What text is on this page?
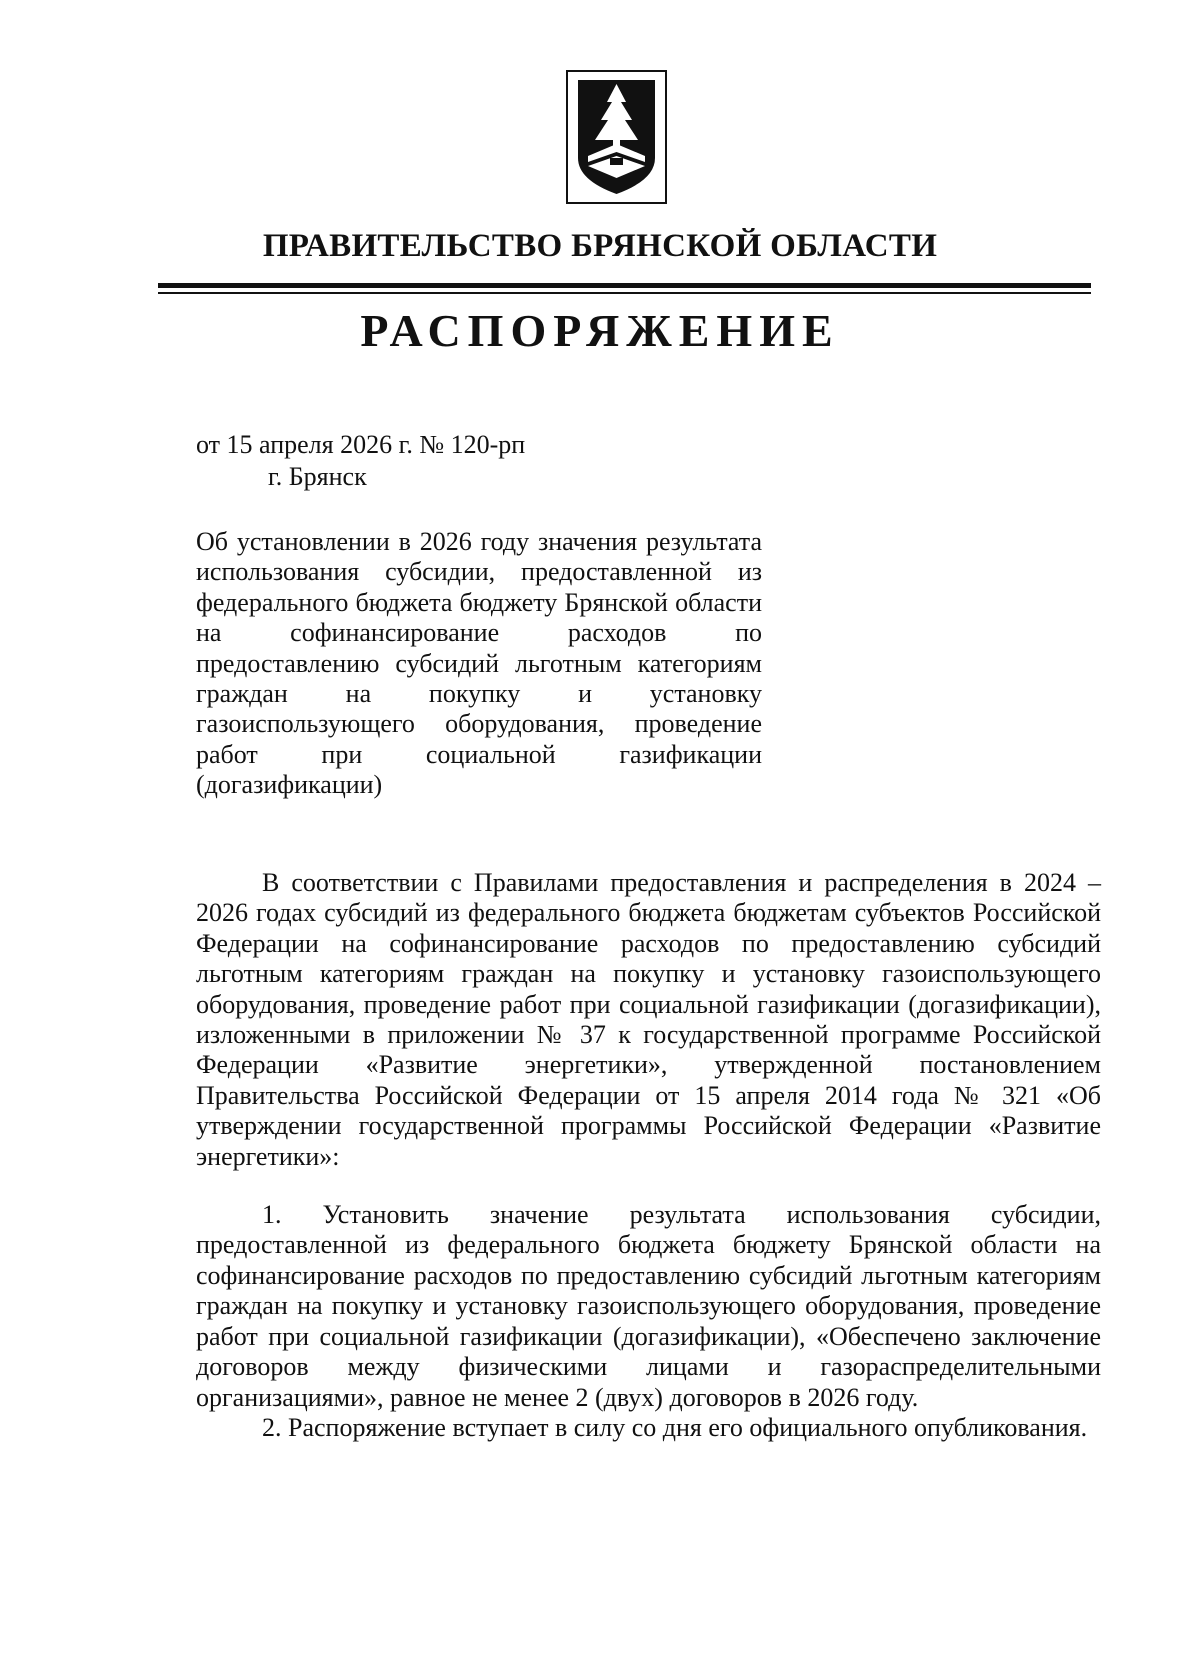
ПРАВИТЕЛЬСТВО БРЯНСКОЙ ОБЛАСТИ
РАСПОРЯЖЕНИЕ
от 15 апреля 2026 г. № 120-рп
г. Брянск
Об установлении в 2026 году значения результата использования субсидии, предоставленной из федерального бюджета бюджету Брянской области на софинансирование расходов по предоставлению субсидий льготным категориям граждан на покупку и установку газоиспользующего оборудования, проведение работ при социальной газификации (догазификации)

В соответствии с Правилами предоставления и распределения в 2024 – 2026 годах субсидий из федерального бюджета бюджетам субъектов Российской Федерации на софинансирование расходов по предоставлению субсидий льготным категориям граждан на покупку и установку газоиспользующего оборудования, проведение работ при социальной газификации (догазификации), изложенными в приложении № 37 к государственной программе Российской Федерации «Развитие энергетики», утвержденной постановлением Правительства Российской Федерации от 15 апреля 2014 года № 321 «Об утверждении государственной программы Российской Федерации «Развитие энергетики»:

1. Установить значение результата использования субсидии, предоставленной из федерального бюджета бюджету Брянской области на софинансирование расходов по предоставлению субсидий льготным категориям граждан на покупку и установку газоиспользующего оборудования, проведение работ при социальной газификации (догазификации), «Обеспечено заключение договоров между физическими лицами и газораспределительными организациями», равное не менее 2 (двух) договоров в 2026 году.

2. Распоряжение вступает в силу со дня его официального опубликования.
